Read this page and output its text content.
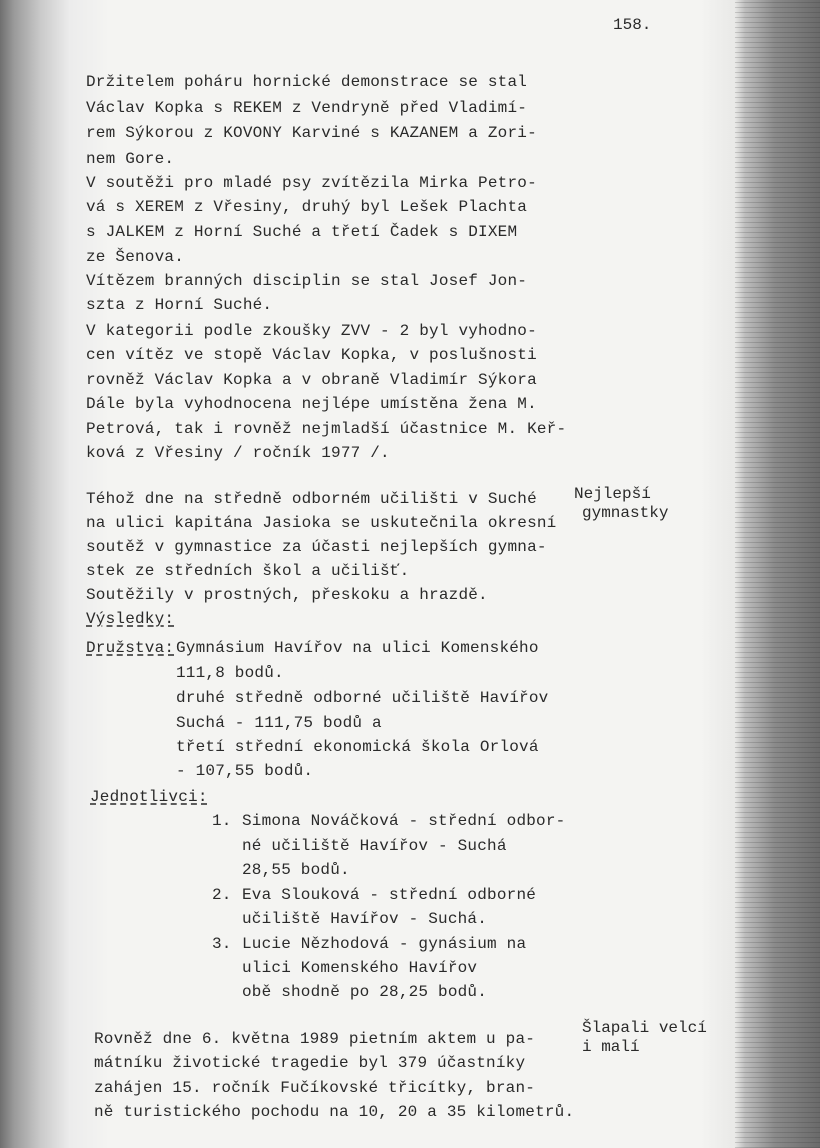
158.
Držitelem poháru hornické demonstrace se stal
Václav Kopka s REKEM z Vendryně před Vladimí-
rem Sýkorou z KOVONY Karviné s KAZANEM a Zori-
nem Gore.
V soutěži pro mladé psy zvítězila Mirka Petro-
vá s XEREM z Vřesiny, druhý byl Lešek Plachta
s JALKEM z Horní Suché a třetí Čadek s DIXEM
ze Šenova.
Vítězem branných disciplin se stal Josef Jon-
szta z Horní Suché.
V kategorii podle zkoušky ZVV - 2 byl vyhodno-
cen vítěz ve stopě Václav Kopka, v poslušnosti
rovněž Václav Kopka a v obraně Vladimír Sýkora
Dále byla vyhodnocena nejlépe umístěna žena M.
Petrová, tak i rovněž nejmladší účastnice M. Keř-
ková z Vřesiny / ročník 1977 /.
Téhož dne na středně odborném učilišti v Suché
na ulici kapitána Jasioka se uskutečnila okresní
soutěž v gymnastice za účasti nejlepších gymna-
stek ze středních škol a učilišť.
Soutěžily v prostných, přeskoku a hrazdě.
Nejlepší
gymnastky
Výsledky:
Družstva: Gymnásium Havířov na ulici Komenského
111,8 bodů.
druhé středně odborné učiliště Havířov
Suchá - 111,75 bodů a
třetí střední ekonomická škola Orlová
- 107,55 bodů.
Jednotlivci:
1. Simona Nováčková - střední odbor-
né učiliště Havířov - Suchá
28,55 bodů.
2. Eva Slouková - střední odborné
učiliště Havířov - Suchá.
3. Lucie Nězhodová - gynásium na
ulici Komenského Havířov
obě shodně po 28,25 bodů.
Rovněž dne 6. května 1989 pietním aktem u pa-
mátníku životické tragedie byl 379 účastníky
zahájen 15. ročník Fučíkovské třicítky, bran-
ně turistického pochodu na 10, 20 a 35 kilometrů.
Šlapali velcí
i malí
